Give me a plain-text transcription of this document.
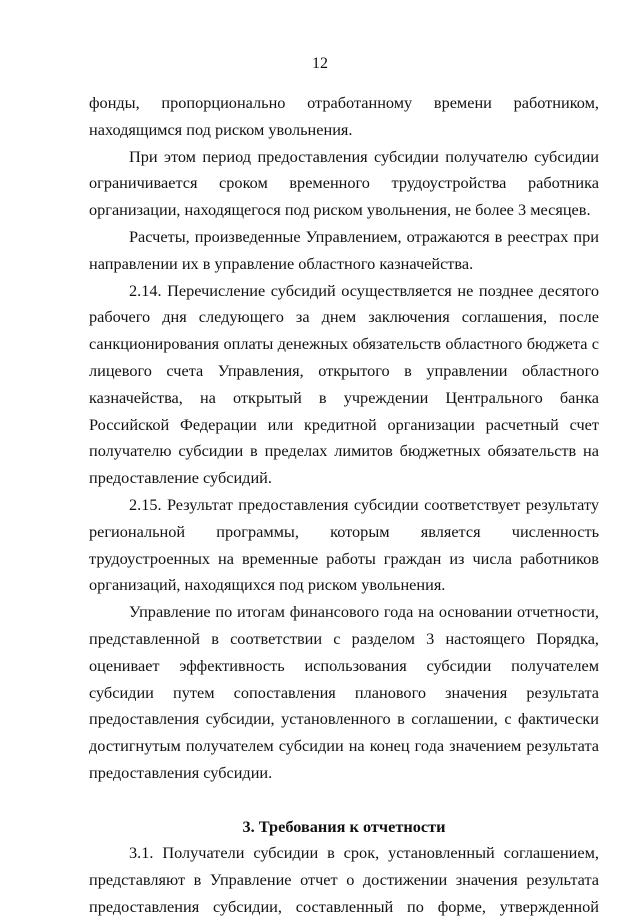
12

фонды, пропорционально отработанному времени работником, находящимся под риском увольнения.

При этом период предоставления субсидии получателю субсидии ограничивается сроком временного трудоустройства работника организации, находящегося под риском увольнения, не более 3 месяцев.

Расчеты, произведенные Управлением, отражаются в реестрах при направлении их в управление областного казначейства.

2.14. Перечисление субсидий осуществляется не позднее десятого рабочего дня следующего за днем заключения соглашения, после санкционирования оплаты денежных обязательств областного бюджета с лицевого счета Управления, открытого в управлении областного казначейства, на открытый в учреждении Центрального банка Российской Федерации или кредитной организации расчетный счет получателю субсидии в пределах лимитов бюджетных обязательств на предоставление субсидий.

2.15. Результат предоставления субсидии соответствует результату региональной программы, которым является численность трудоустроенных на временные работы граждан из числа работников организаций, находящихся под риском увольнения.

Управление по итогам финансового года на основании отчетности, представленной в соответствии с разделом 3 настоящего Порядка, оценивает эффективность использования субсидии получателем субсидии путем сопоставления планового значения результата предоставления субсидии, установленного в соглашении, с фактически достигнутым получателем субсидии на конец года значением результата предоставления субсидии.

3. Требования к отчетности

3.1. Получатели субсидии в срок, установленный соглашением, представляют в Управление отчет о достижении значения результата предоставления субсидии, составленный по форме, утвержденной
